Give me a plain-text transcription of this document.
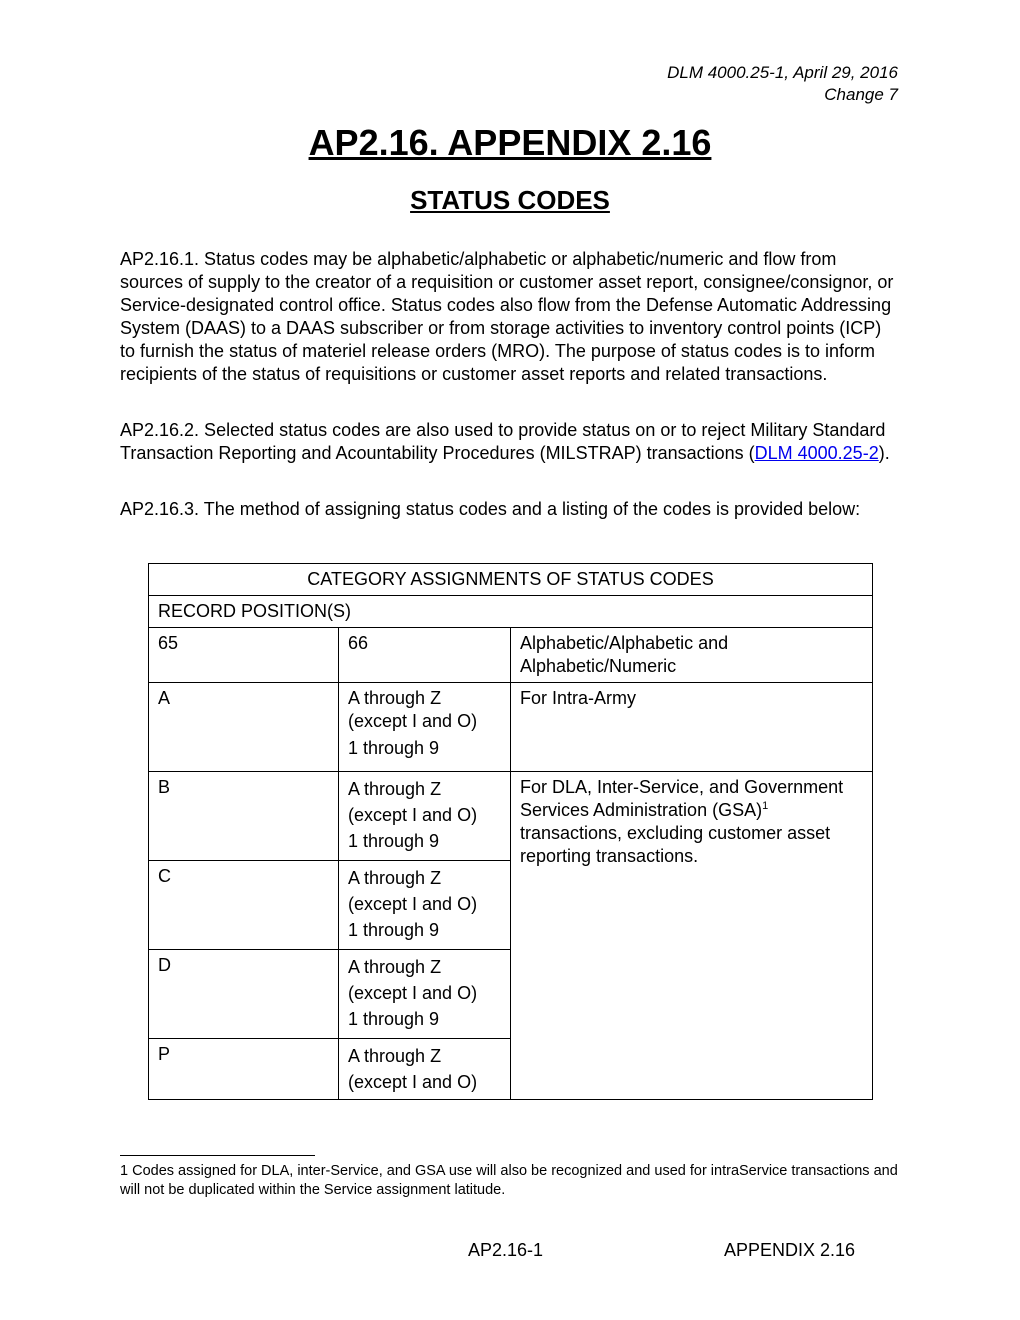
DLM 4000.25-1, April 29, 2016
Change 7
AP2.16. APPENDIX 2.16
STATUS CODES
AP2.16.1. Status codes may be alphabetic/alphabetic or alphabetic/numeric and flow from sources of supply to the creator of a requisition or customer asset report, consignee/consignor, or Service-designated control office. Status codes also flow from the Defense Automatic Addressing System (DAAS) to a DAAS subscriber or from storage activities to inventory control points (ICP) to furnish the status of materiel release orders (MRO). The purpose of status codes is to inform recipients of the status of requisitions or customer asset reports and related transactions.
AP2.16.2. Selected status codes are also used to provide status on or to reject Military Standard Transaction Reporting and Acountability Procedures (MILSTRAP) transactions (DLM 4000.25-2).
AP2.16.3. The method of assigning status codes and a listing of the codes is provided below:
CATEGORY ASSIGNMENTS OF STATUS CODES		
RECORD POSITION(S)		
65	66	Alphabetic/Alphabetic and Alphabetic/Numeric
A	A through Z
(except I and O)
1 through 9	For Intra-Army
B	A through Z
(except I and O)
1 through 9	For DLA, Inter-Service, and Government Services Administration (GSA)$^1$ transactions, excluding customer asset reporting transactions.
C	A through Z
(except I and O)
1 through 9	

D	A through Z
(except I and O)
1 through 9	

P	A through Z
(except I and O)	
1 Codes assigned for DLA, inter-Service, and GSA use will also be recognized and used for intraService transactions and will not be duplicated within the Service assignment latitude.
AP2.16-1	APPENDIX 2.16
